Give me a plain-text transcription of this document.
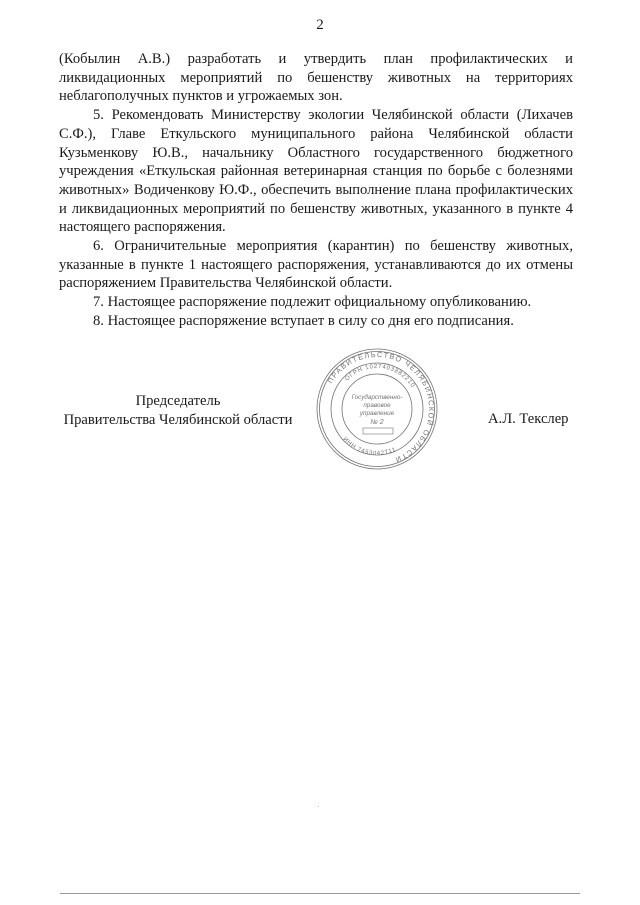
2

(Кобылин А.В.) разработать и утвердить план профилактических и ликвидационных мероприятий по бешенству животных на территориях неблагополучных пунктов и угрожаемых зон.

5. Рекомендовать Министерству экологии Челябинской области (Лихачев С.Ф.), Главе Еткульского муниципального района Челябинской области Кузьменкову Ю.В., начальнику Областного государственного бюджетного учреждения «Еткульская районная ветеринарная станция по борьбе с болезнями животных» Водиченкову Ю.Ф., обеспечить выполнение плана профилактических и ликвидационных мероприятий по бешенству животных, указанного в пункте 4 настоящего распоряжения.

6. Ограничительные мероприятия (карантин) по бешенству животных, указанные в пункте 1 настоящего распоряжения, устанавливаются до их отмены распоряжением Правительства Челябинской области.

7. Настоящее распоряжение подлежит официальному опубликованию.

8. Настоящее распоряжение вступает в силу со дня его подписания.

Председатель
Правительства Челябинской области	А.Л. Текслер
ПРАВИТЕЛЬСТВО ЧЕЛЯБИНСКОЙ ОБЛАСТИ
ОГРН 1027403882210
ИНН 7453042711
Государственно-
правовое
управление
№ 2
